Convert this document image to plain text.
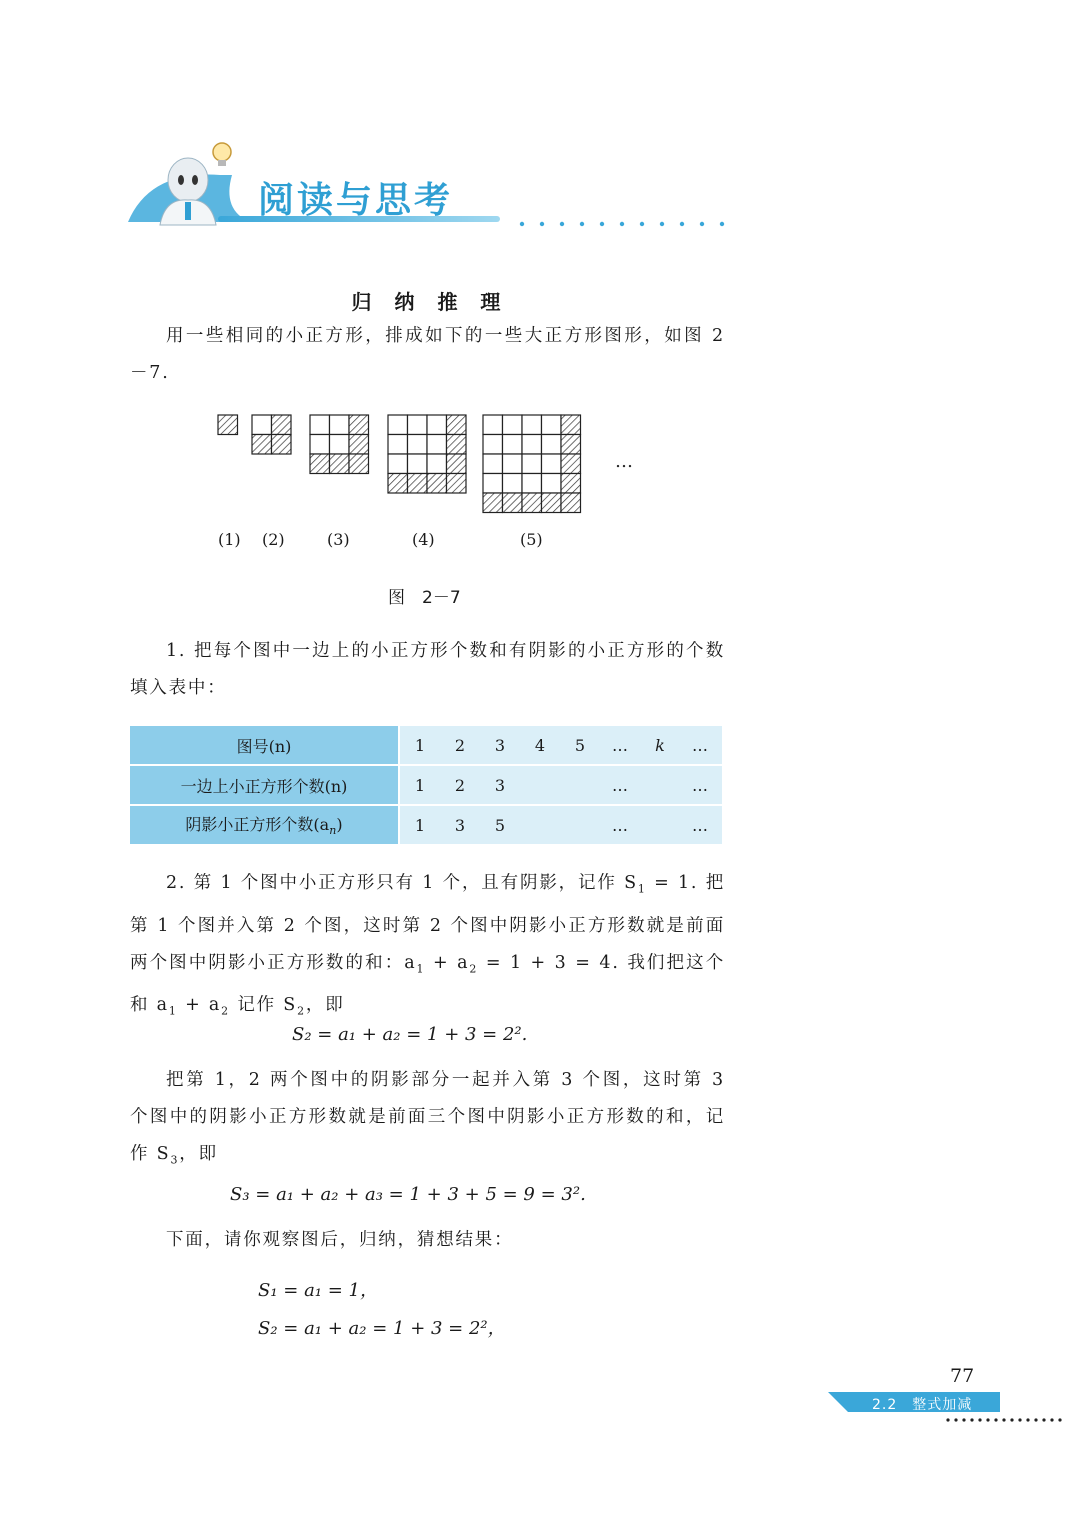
阅读与思考
归 纳 推 理
用一些相同的小正方形，排成如下的一些大正方形图形，如图 2－7.
…
(1) (2)	(3)	(4)	(5)
图　2－7
1. 把每个图中一边上的小正方形个数和有阴影的小正方形的个数填入表中：
图号(n)	1	2	3	4	5	…	k	…	
一边上小正方形个数(n)	1	2	3			…		…	
阴影小正方形个数$(a_n)$	1	3	5			…		…	
2. 第 1 个图中小正方形只有 1 个，且有阴影，记作 $S_1 = 1$. 把第 1 个图并入第 2 个图，这时第 2 个图中阴影小正方形数就是前面两个图中阴影小正方形数的和：$a_1 + a_2 = 1 + 3 = 4$. 我们把这个和 $a_1 + a_2$ 记作 $S_2$，即
S₂ = a₁ + a₂ = 1 + 3 = 2².
把第 1，2 两个图中的阴影部分一起并入第 3 个图，这时第 3 个图中的阴影小正方形数就是前面三个图中阴影小正方形数的和，记作 $S_3$，即
S₃ = a₁ + a₂ + a₃ = 1 + 3 + 5 = 9 = 3².
下面，请你观察图后，归纳，猜想结果：
S₁ = a₁ = 1，
S₂ = a₁ + a₂ = 1 + 3 = 2²，
77
2.2　整式加减
